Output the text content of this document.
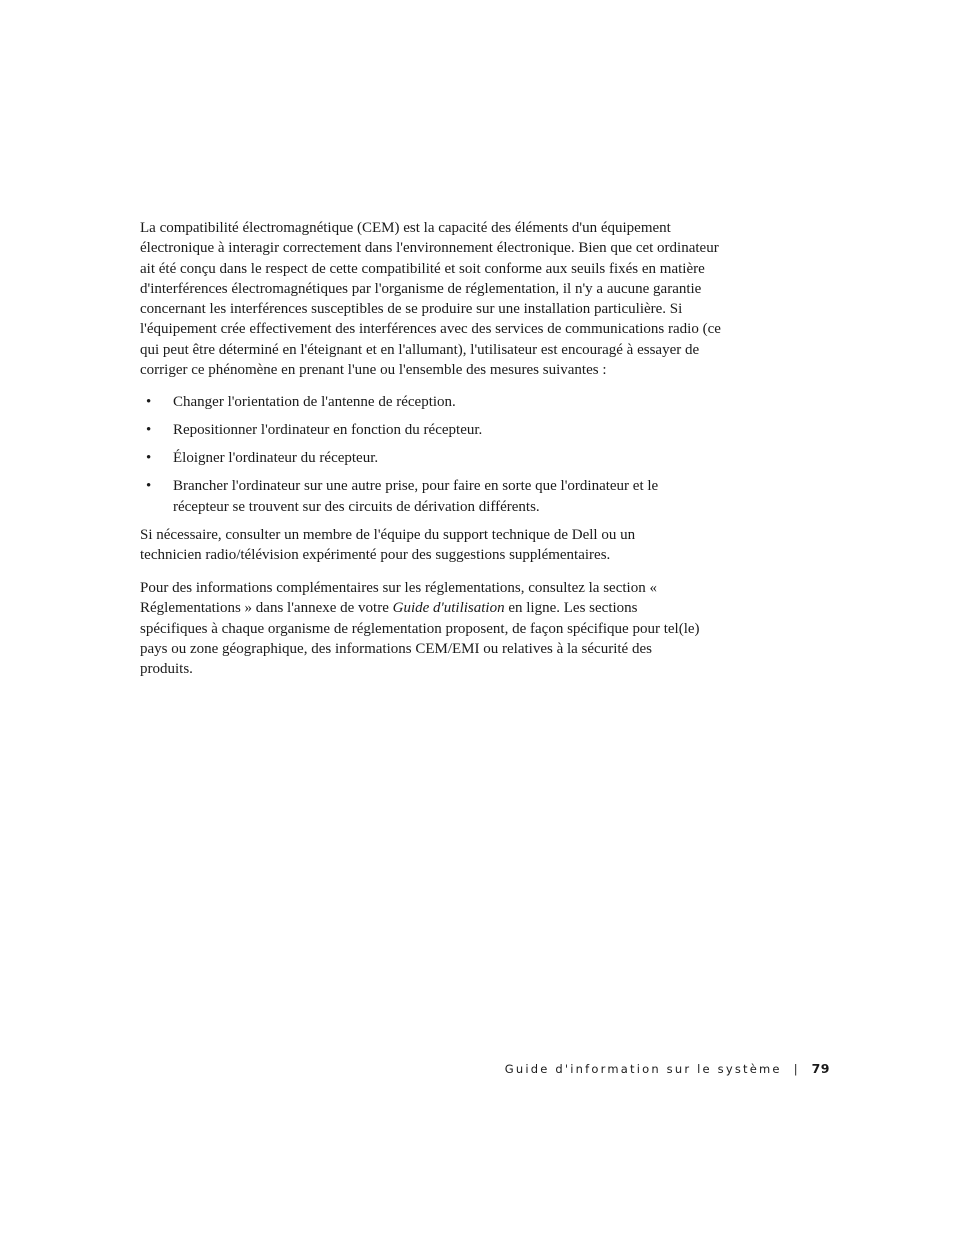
La compatibilité électromagnétique (CEM) est la capacité des éléments d'un équipement électronique à interagir correctement dans l'environnement électronique. Bien que cet ordinateur ait été conçu dans le respect de cette compatibilité et soit conforme aux seuils fixés en matière d'interférences électromagnétiques par l'organisme de réglementation, il n'y a aucune garantie concernant les interférences susceptibles de se produire sur une installation particulière. Si l'équipement crée effectivement des interférences avec des services de communications radio (ce qui peut être déterminé en l'éteignant et en l'allumant), l'utilisateur est encouragé à essayer de corriger ce phénomène en prenant l'une ou l'ensemble des mesures suivantes :

• Changer l'orientation de l'antenne de réception.
• Repositionner l'ordinateur en fonction du récepteur.
• Éloigner l'ordinateur du récepteur.
• Brancher l'ordinateur sur une autre prise, pour faire en sorte que l'ordinateur et le récepteur se trouvent sur des circuits de dérivation différents.

Si nécessaire, consulter un membre de l'équipe du support technique de Dell ou un technicien radio/télévision expérimenté pour des suggestions supplémentaires.

Pour des informations complémentaires sur les réglementations, consultez la section « Réglementations » dans l'annexe de votre Guide d'utilisation en ligne. Les sections spécifiques à chaque organisme de réglementation proposent, de façon spécifique pour tel(le) pays ou zone géographique, des informations CEM/EMI ou relatives à la sécurité des produits.

Guide d'information sur le système | 79
